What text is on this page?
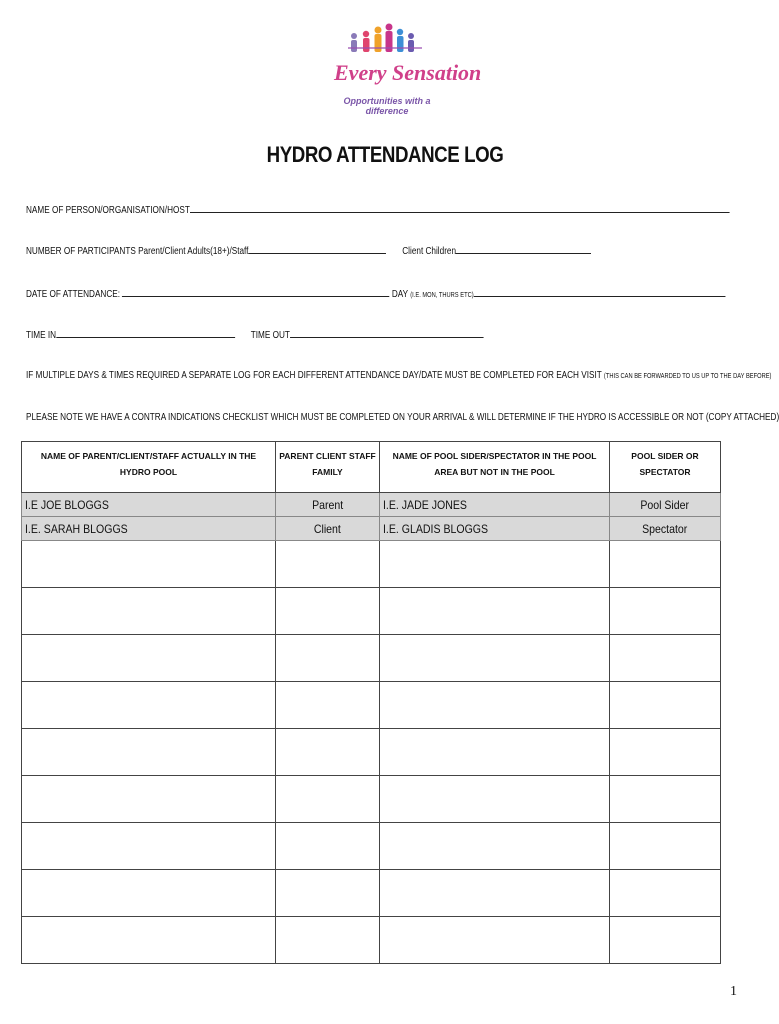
Every Sensation
Opportunities with a difference
HYDRO ATTENDANCE LOG
NAME OF PERSON/ORGANISATION/HOST
NUMBER OF PARTICIPANTS Parent/Client Adults(18+)/Staff	Client Children
DATE OF ATTENDANCE:	DAY (I.E. MON, THURS ETC)
TIME IN	TIME OUT
IF MULTIPLE DAYS & TIMES REQUIRED A SEPARATE LOG FOR EACH DIFFERENT ATTENDANCE DAY/DATE MUST BE COMPLETED FOR EACH VISIT (THIS CAN BE FORWARDED TO US UP TO THE DAY BEFORE)
PLEASE NOTE WE HAVE A CONTRA INDICATIONS CHECKLIST WHICH MUST BE COMPLETED ON YOUR ARRIVAL & WILL DETERMINE IF THE HYDRO IS ACCESSIBLE OR NOT (COPY ATTACHED)
NAME OF PARENT/CLIENT/STAFF ACTUALLY IN THE HYDRO POOL	PARENT CLIENT STAFF FAMILY	NAME OF POOL SIDER/SPECTATOR IN THE POOL AREA BUT NOT IN THE POOL	POOL SIDER OR SPECTATOR
I.E JOE BLOGGS	Parent	I.E. JADE JONES	Pool Sider
I.E. SARAH BLOGGS	Client	I.E. GLADIS BLOGGS	Spectator

1
